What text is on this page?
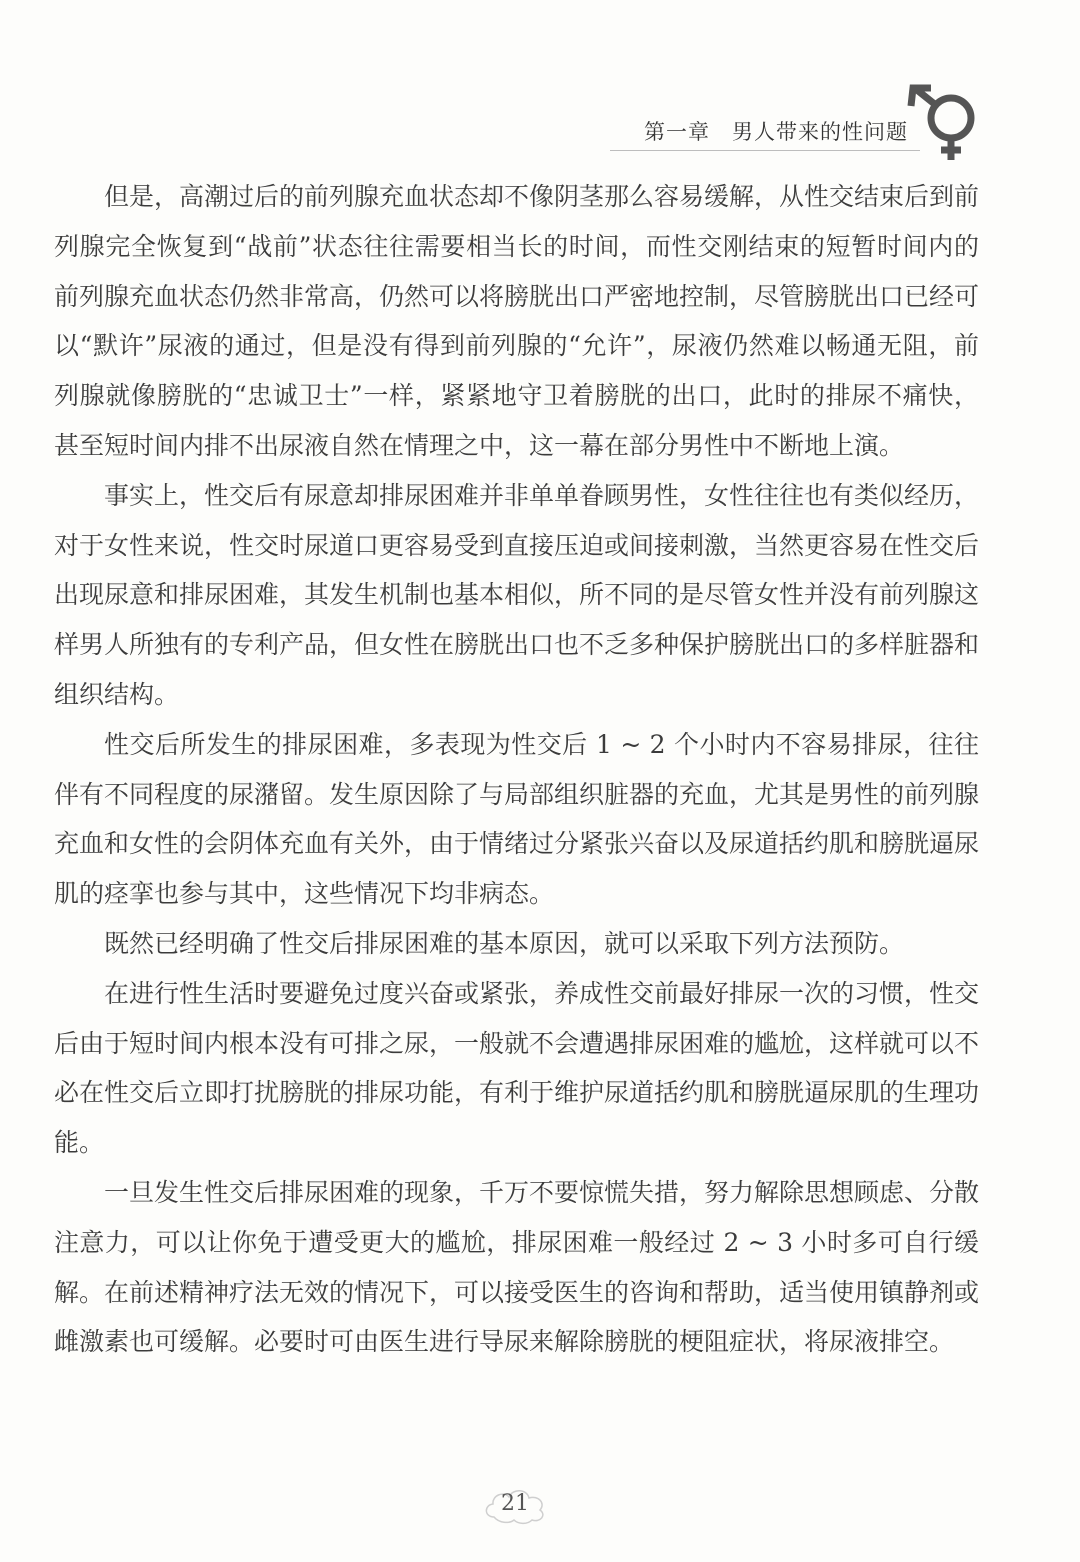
第一章　男人带来的性问题

但是，高潮过后的前列腺充血状态却不像阴茎那么容易缓解，从性交结束后到前列腺完全恢复到“战前”状态往往需要相当长的时间，而性交刚结束的短暂时间内的前列腺充血状态仍然非常高，仍然可以将膀胱出口严密地控制，尽管膀胱出口已经可以“默许”尿液的通过，但是没有得到前列腺的“允许”，尿液仍然难以畅通无阻，前列腺就像膀胱的“忠诚卫士”一样，紧紧地守卫着膀胱的出口，此时的排尿不痛快，甚至短时间内排不出尿液自然在情理之中，这一幕在部分男性中不断地上演。

事实上，性交后有尿意却排尿困难并非单单眷顾男性，女性往往也有类似经历，对于女性来说，性交时尿道口更容易受到直接压迫或间接刺激，当然更容易在性交后出现尿意和排尿困难，其发生机制也基本相似，所不同的是尽管女性并没有前列腺这样男人所独有的专利产品，但女性在膀胱出口也不乏多种保护膀胱出口的多样脏器和组织结构。

性交后所发生的排尿困难，多表现为性交后 1 ~ 2 个小时内不容易排尿，往往伴有不同程度的尿潴留。发生原因除了与局部组织脏器的充血，尤其是男性的前列腺充血和女性的会阴体充血有关外，由于情绪过分紧张兴奋以及尿道括约肌和膀胱逼尿肌的痉挛也参与其中，这些情况下均非病态。

既然已经明确了性交后排尿困难的基本原因，就可以采取下列方法预防。

在进行性生活时要避免过度兴奋或紧张，养成性交前最好排尿一次的习惯，性交后由于短时间内根本没有可排之尿，一般就不会遭遇排尿困难的尴尬，这样就可以不必在性交后立即打扰膀胱的排尿功能，有利于维护尿道括约肌和膀胱逼尿肌的生理功能。

一旦发生性交后排尿困难的现象，千万不要惊慌失措，努力解除思想顾虑、分散注意力，可以让你免于遭受更大的尴尬，排尿困难一般经过 2 ~ 3 小时多可自行缓解。在前述精神疗法无效的情况下，可以接受医生的咨询和帮助，适当使用镇静剂或雌激素也可缓解。必要时可由医生进行导尿来解除膀胱的梗阻症状，将尿液排空。

21
